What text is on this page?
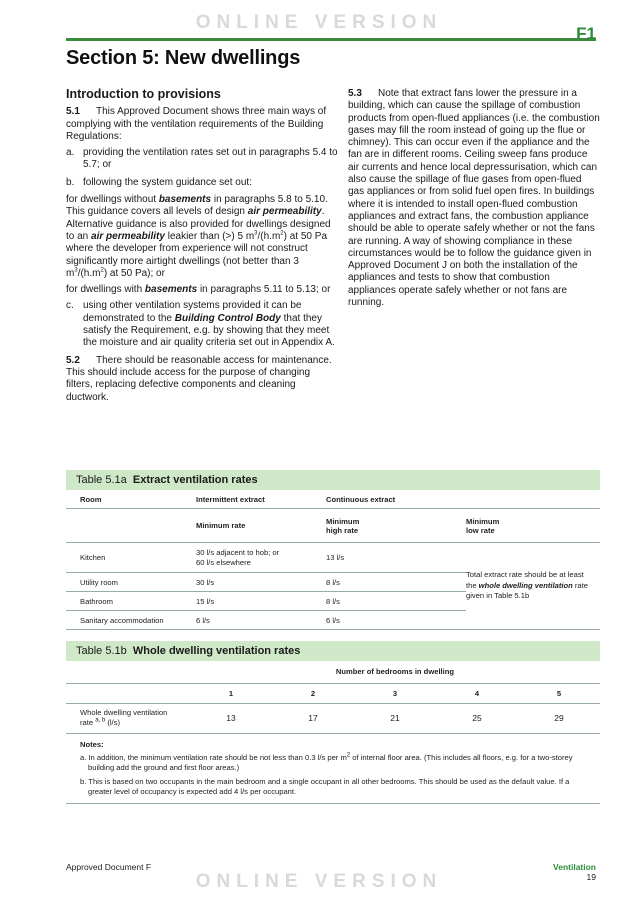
ONLINE VERSION
F1
Section 5: New dwellings

Introduction to provisions

5.1 This Approved Document shows three main ways of complying with the ventilation requirements of the Building Regulations:

a. providing the ventilation rates set out in paragraphs 5.4 to 5.7; or
b. following the system guidance set out:

for dwellings without basements in paragraphs 5.8 to 5.10. This guidance covers all levels of design air permeability. Alternative guidance is also provided for dwellings designed to an air permeability leakier than (>) 5 $m^3/(h.m^2)$ at 50 Pa where the developer from experience will not construct significantly more airtight dwellings (not better than 3 $m^3/(h.m^2)$ at 50 Pa); or

for dwellings with basements in paragraphs 5.11 to 5.13; or

c. using other ventilation systems provided it can be demonstrated to the Building Control Body that they satisfy the Requirement, e.g. by showing that they meet the moisture and air quality criteria set out in Appendix A.

5.2 There should be reasonable access for maintenance. This should include access for the purpose of changing filters, replacing defective components and cleaning ductwork.

5.3 Note that extract fans lower the pressure in a building, which can cause the spillage of combustion products from open-flued appliances (i.e. the combustion gases may fill the room instead of going up the flue or chimney). This can occur even if the appliance and the fan are in different rooms. Ceiling sweep fans produce air currents and hence local depressurisation, which can also cause the spillage of flue gases from open-flued gas appliances or from solid fuel open fires. In buildings where it is intended to install open-flued combustion appliances and extract fans, the combustion appliance should be able to operate safely whether or not the fans are running. A way of showing compliance in these circumstances would be to follow the guidance given in Approved Document J on both the installation of the appliances and tests to show that combustion appliances operate safely whether or not fans are running.

Table 5.1a Extract ventilation rates
Room	Intermittent extract	Continuous extract	
	Minimum rate	Minimum
high rate	Minimum
low rate
Kitchen	30 l/s adjacent to hob; or
60 l/s elsewhere	13 l/s	Total extract rate should be at least the whole dwelling ventilation rate given in Table 5.1b
Utility room	30 l/s	8 l/s	
Bathroom	15 l/s	8 l/s	
Sanitary accommodation	6 l/s	6 l/s	
Table 5.1b Whole dwelling ventilation rates
	Number of bedrooms in dwelling				
	1	2	3	4	5
Whole dwelling ventilation
rate $^{a, b}$ (l/s)	13	17	21	25	29
Notes:
a. In addition, the minimum ventilation rate should be not less than 0.3 l/s per $m^2$ of internal floor area. (This includes all floors, e.g. for a two-storey building add the ground and first floor areas.)
b. This is based on two occupants in the main bedroom and a single occupant in all other bedrooms. This should be used as the default value. If a greater level of occupancy is expected add 4 l/s per occupant.
Approved Document F	Ventilation
19
ONLINE VERSION
